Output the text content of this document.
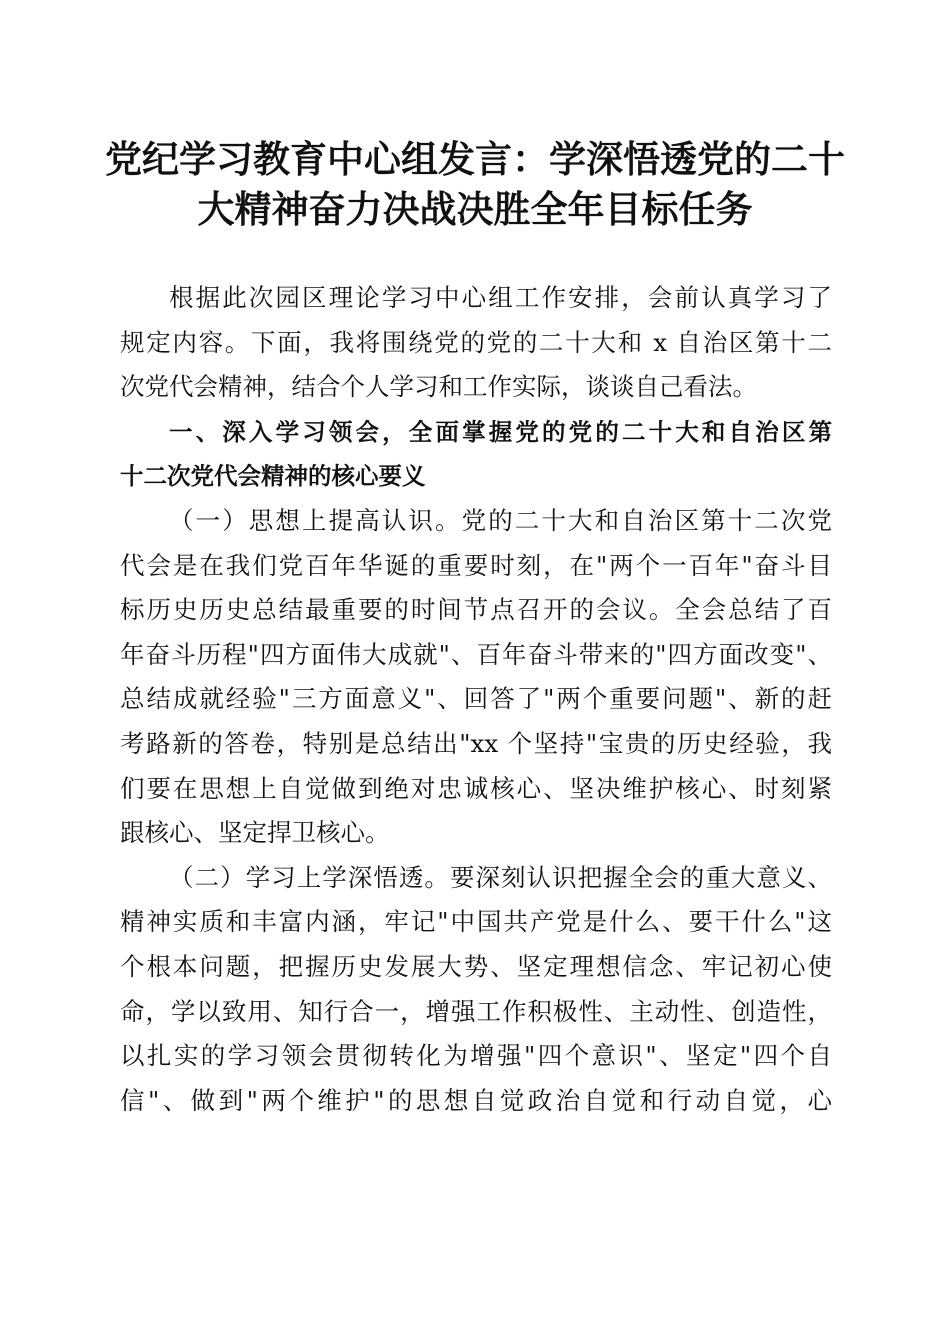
党纪学习教育中心组发言：学深悟透党的二十
大精神奋力决战决胜全年目标任务
根据此次园区理论学习中心组工作安排，会前认真学习了
规定内容。下面，我将围绕党的党的二十大和 x 自治区第十二
次党代会精神，结合个人学习和工作实际，谈谈自己看法。
一、深入学习领会，全面掌握党的党的二十大和自治区第
十二次党代会精神的核心要义
（一）思想上提高认识。党的二十大和自治区第十二次党
代会是在我们党百年华诞的重要时刻，在"两个一百年"奋斗目
标历史历史总结最重要的时间节点召开的会议。全会总结了百
年奋斗历程"四方面伟大成就"、百年奋斗带来的"四方面改变"、
总结成就经验"三方面意义"、回答了"两个重要问题"、新的赶
考路新的答卷，特别是总结出"xx 个坚持"宝贵的历史经验，我
们要在思想上自觉做到绝对忠诚核心、坚决维护核心、时刻紧
跟核心、坚定捍卫核心。
（二）学习上学深悟透。要深刻认识把握全会的重大意义、
精神实质和丰富内涵，牢记"中国共产党是什么、要干什么"这
个根本问题，把握历史发展大势、坚定理想信念、牢记初心使
命，学以致用、知行合一，增强工作积极性、主动性、创造性，
以扎实的学习领会贯彻转化为增强"四个意识"、坚定"四个自
信"、做到"两个维护"的思想自觉政治自觉和行动自觉，心
